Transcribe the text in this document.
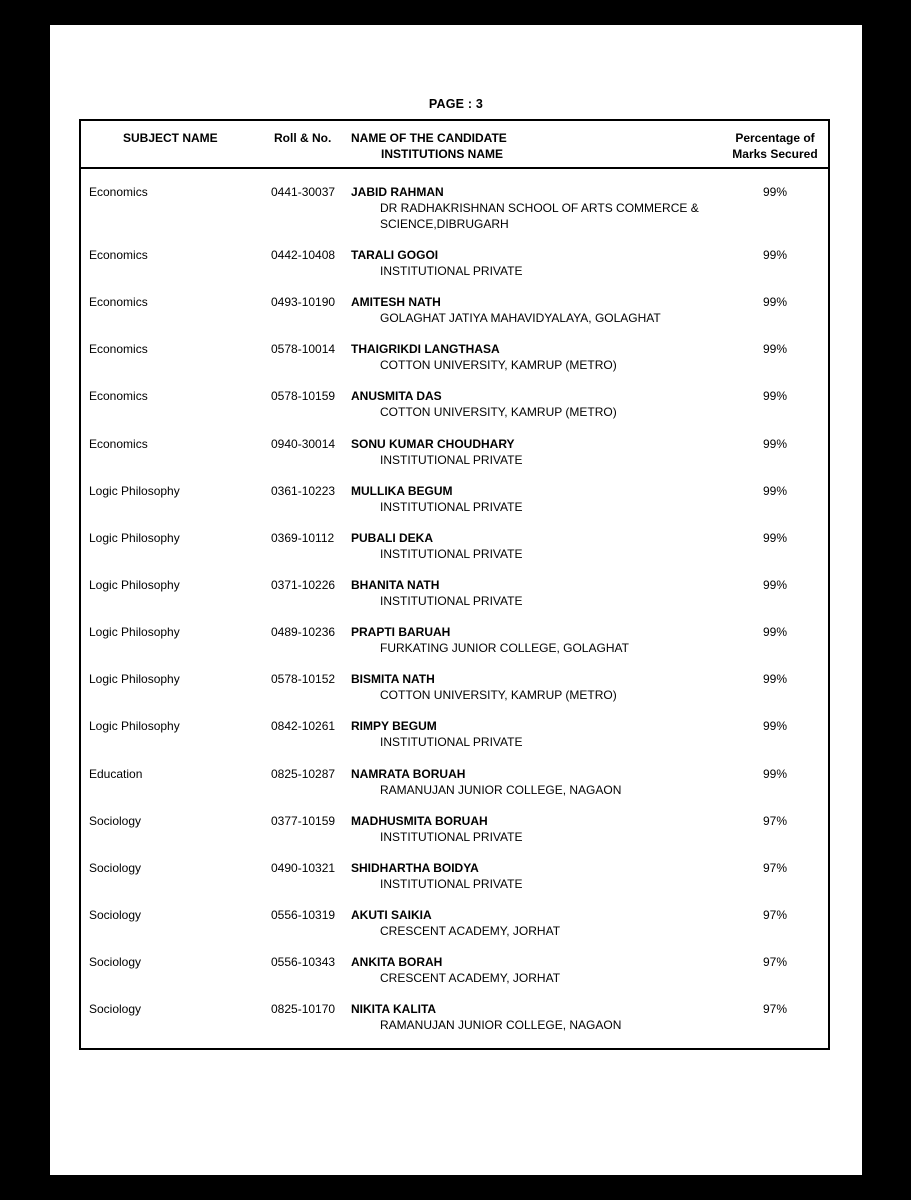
PAGE : 3
SUBJECT NAME	Roll & No. NAME OF THE CANDIDATE
INSTITUTIONS NAME
Percentage of
Marks Secured
Economics	0441-30037 JABID RAHMAN
DR RADHAKRISHNAN SCHOOL OF ARTS COMMERCE & SCIENCE,DIBRUGARH
99%
Economics	0442-10408 TARALI GOGOI
INSTITUTIONAL PRIVATE
99%
Economics	0493-10190 AMITESH NATH
GOLAGHAT JATIYA MAHAVIDYALAYA, GOLAGHAT
99%
Economics	0578-10014 THAIGRIKDI LANGTHASA
COTTON UNIVERSITY, KAMRUP (METRO)
99%
Economics	0578-10159 ANUSMITA DAS
COTTON UNIVERSITY, KAMRUP (METRO)
99%
Economics	0940-30014 SONU KUMAR CHOUDHARY
INSTITUTIONAL PRIVATE
99%
Logic Philosophy	0361-10223 MULLIKA BEGUM
INSTITUTIONAL PRIVATE
99%
Logic Philosophy	0369-10112 PUBALI DEKA
INSTITUTIONAL PRIVATE
99%
Logic Philosophy	0371-10226 BHANITA NATH
INSTITUTIONAL PRIVATE
99%
Logic Philosophy	0489-10236 PRAPTI BARUAH
FURKATING JUNIOR COLLEGE, GOLAGHAT
99%
Logic Philosophy	0578-10152 BISMITA NATH
COTTON UNIVERSITY, KAMRUP (METRO)
99%
Logic Philosophy	0842-10261 RIMPY BEGUM
INSTITUTIONAL PRIVATE
99%
Education	0825-10287 NAMRATA BORUAH
RAMANUJAN JUNIOR COLLEGE, NAGAON
99%
Sociology	0377-10159 MADHUSMITA BORUAH
INSTITUTIONAL PRIVATE
97%
Sociology	0490-10321 SHIDHARTHA BOIDYA
INSTITUTIONAL PRIVATE
97%
Sociology	0556-10319 AKUTI SAIKIA
CRESCENT ACADEMY, JORHAT
97%
Sociology	0556-10343 ANKITA BORAH
CRESCENT ACADEMY, JORHAT
97%
Sociology	0825-10170 NIKITA KALITA
RAMANUJAN JUNIOR COLLEGE, NAGAON
97%
